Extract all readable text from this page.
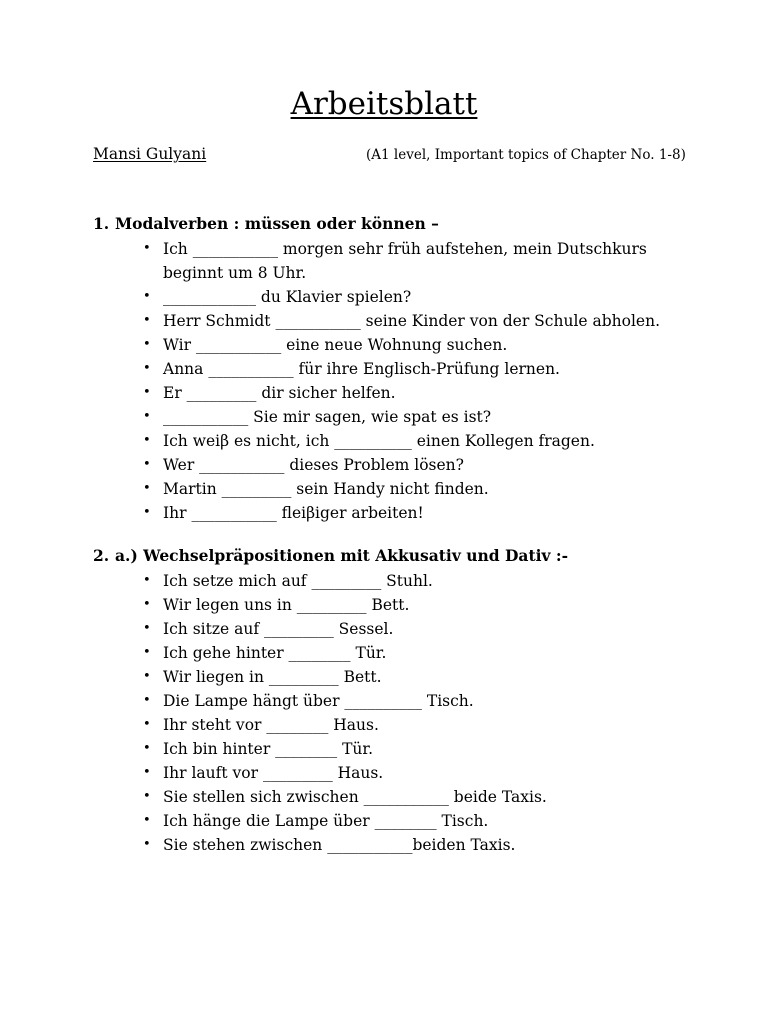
Arbeitsblatt
Mansi Gulyani	(A1 level, Important topics of Chapter No. 1-8)
1. Modalverben : müssen oder können –
• Ich ___________ morgen sehr früh aufstehen, mein Dutschkurs beginnt um 8 Uhr.
• ____________ du Klavier spielen?
• Herr Schmidt ___________ seine Kinder von der Schule abholen.
• Wir ___________ eine neue Wohnung suchen.
• Anna ___________ für ihre Englisch-Prüfung lernen.
• Er _________ dir sicher helfen.
• ___________ Sie mir sagen, wie spat es ist?
• Ich weiβ es nicht, ich __________ einen Kollegen fragen.
• Wer ___________ dieses Problem lösen?
• Martin _________ sein Handy nicht finden.
• Ihr ___________ fleiβiger arbeiten!
2. a.) Wechselpräpositionen mit Akkusativ und Dativ :-
• Ich setze mich auf _________ Stuhl.
• Wir legen uns in _________ Bett.
• Ich sitze auf _________ Sessel.
• Ich gehe hinter ________ Tür.
• Wir liegen in _________ Bett.
• Die Lampe hängt über __________ Tisch.
• Ihr steht vor ________ Haus.
• Ich bin hinter ________ Tür.
• Ihr lauft vor _________ Haus.
• Sie stellen sich zwischen ___________ beide Taxis.
• Ich hänge die Lampe über ________ Tisch.
• Sie stehen zwischen ___________beiden Taxis.
